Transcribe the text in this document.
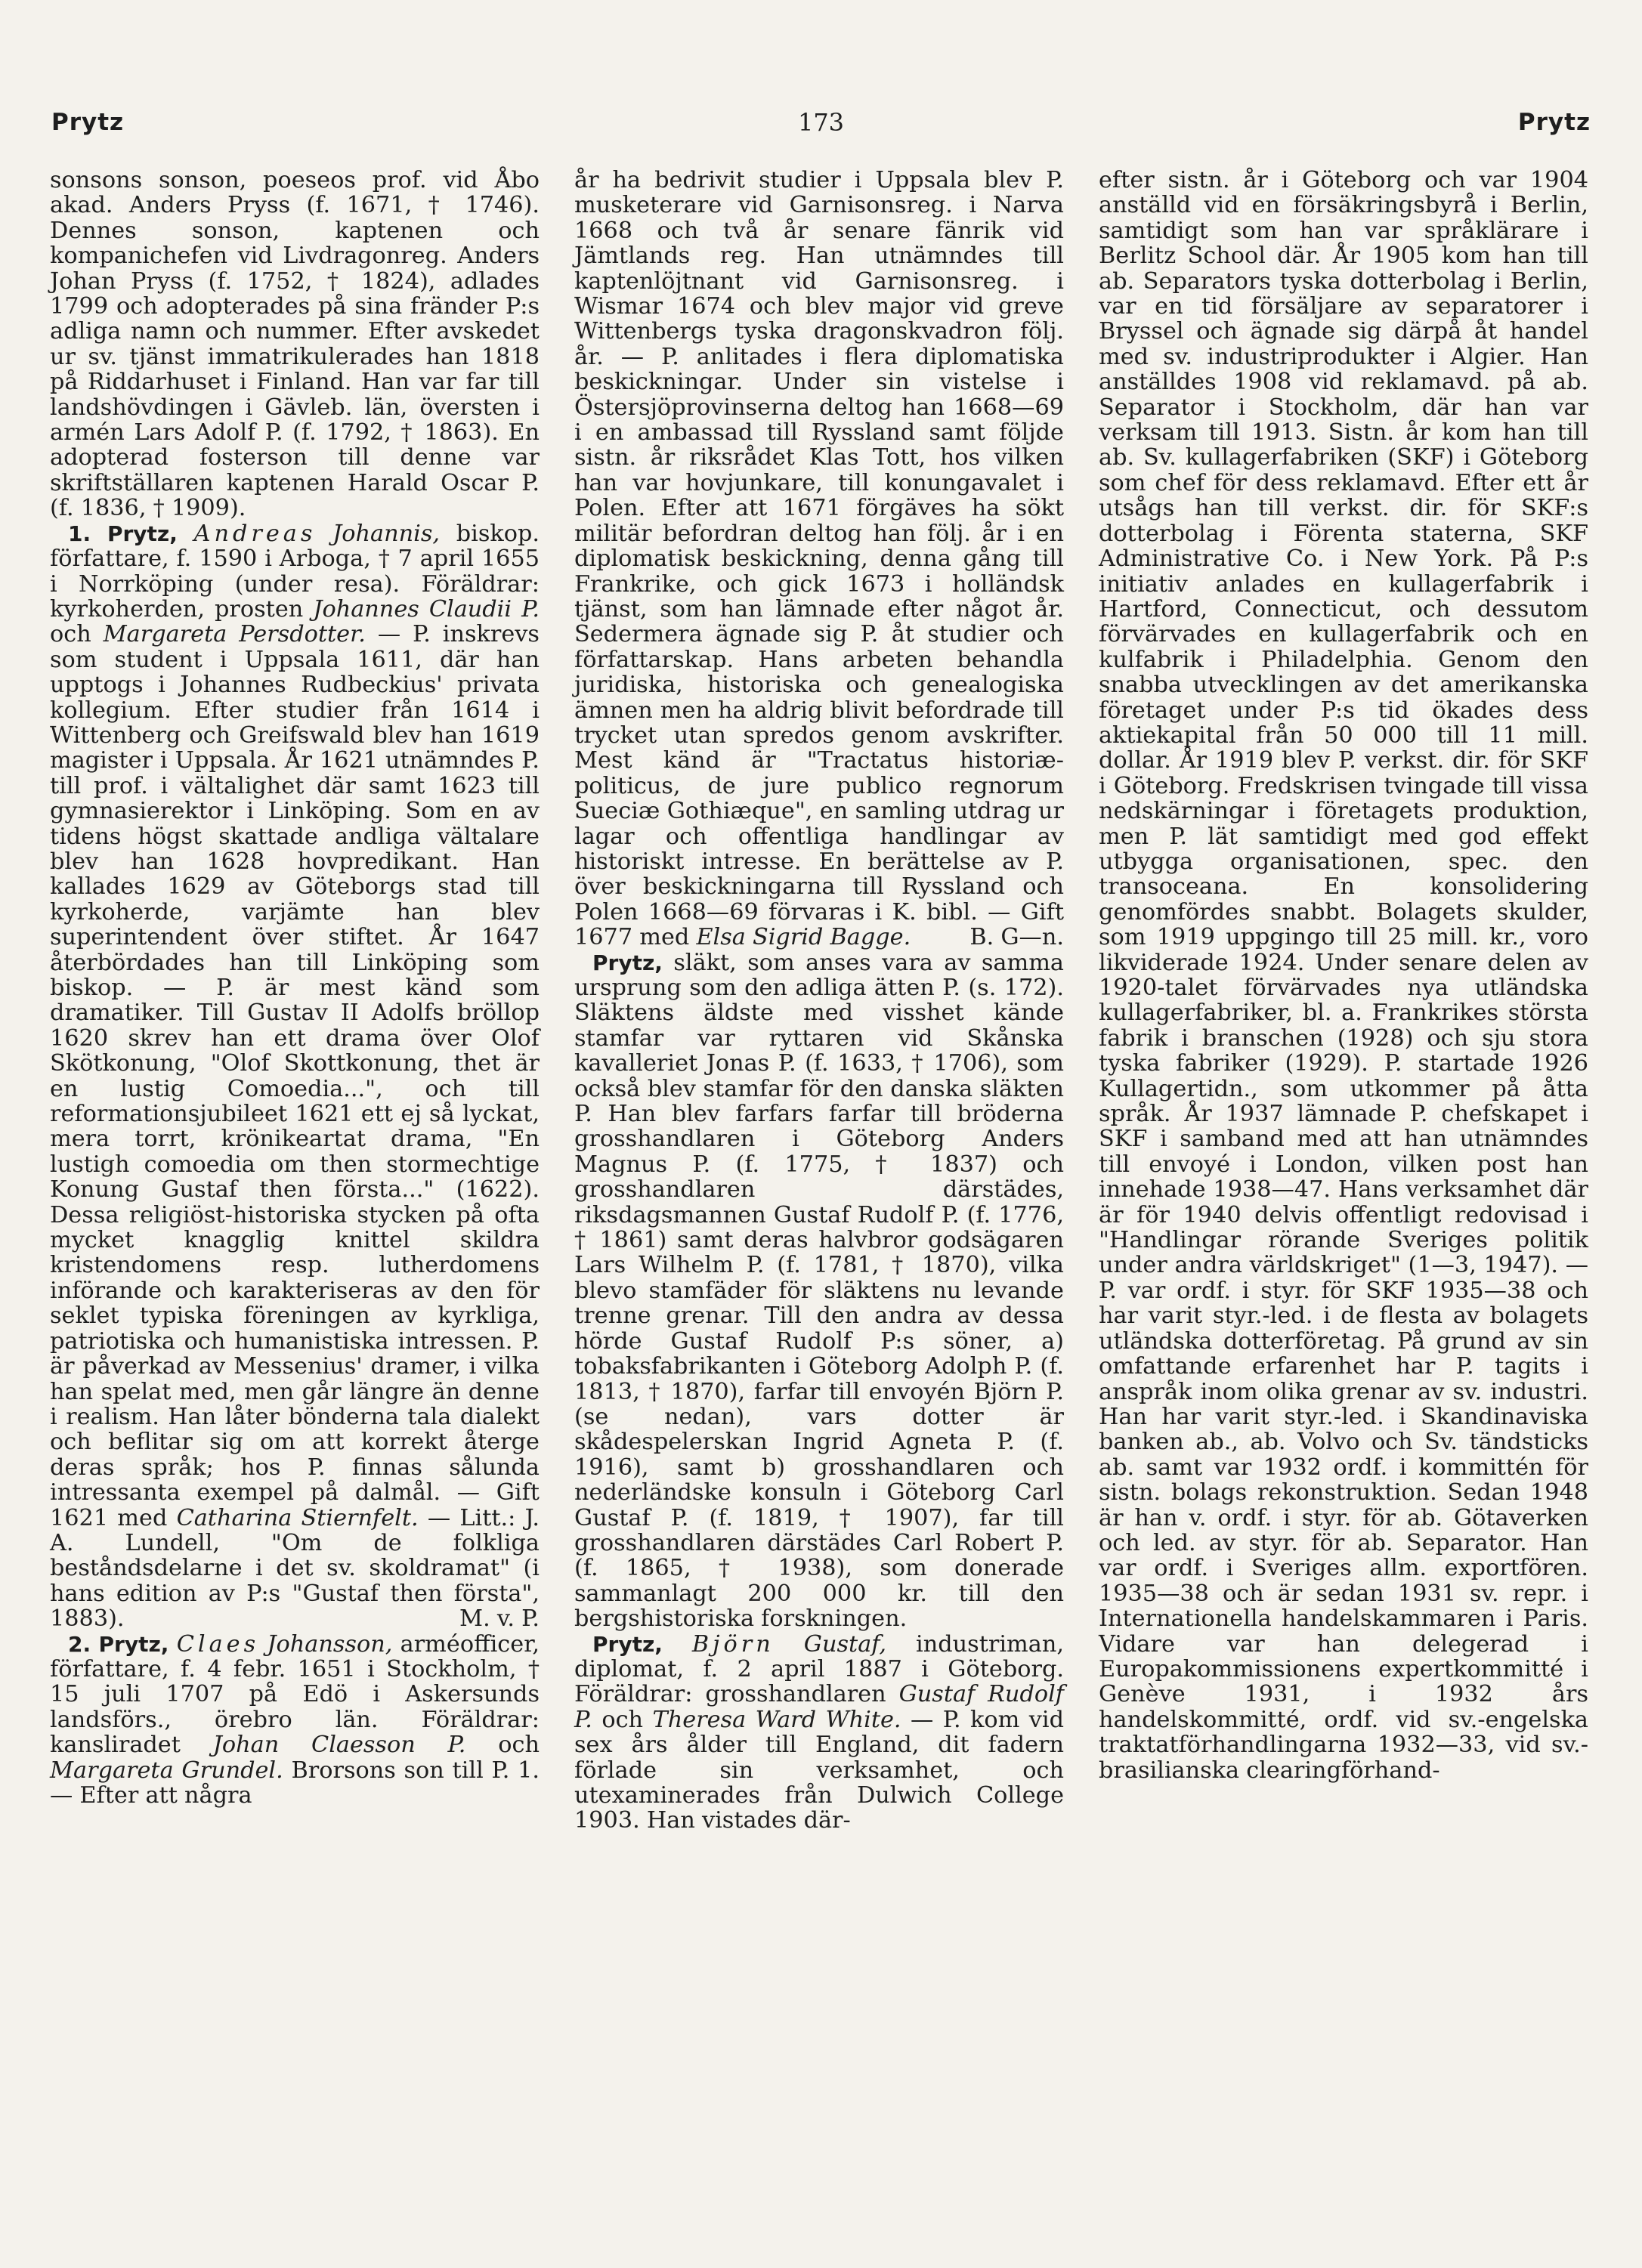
Prytz	173	Prytz

sonsons sonson, poeseos prof. vid Åbo akad. Anders Pryss (f. 1671, † 1746). Dennes sonson, kaptenen och kompanichefen vid Livdragonreg. Anders Johan Pryss (f. 1752, † 1824), adlades 1799 och adopterades på sina fränder P:s adliga namn och nummer. Efter avskedet ur sv. tjänst immatrikulerades han 1818 på Riddarhuset i Finland. Han var far till landshövdingen i Gävleb. län, översten i armén Lars Adolf P. (f. 1792, † 1863). En adopterad fosterson till denne var skriftställaren kaptenen Harald Oscar P. (f. 1836, † 1909).

1. Prytz, Andreas Johannis, biskop. författare, f. 1590 i Arboga, † 7 april 1655 i Norrköping (under resa). Föräldrar: kyrkoherden, prosten Johannes Claudii P. och Margareta Persdotter. — P. inskrevs som student i Uppsala 1611, där han upptogs i Johannes Rudbeckius' privata kollegium. Efter studier från 1614 i Wittenberg och Greifswald blev han 1619 magister i Uppsala. År 1621 utnämndes P. till prof. i vältalighet där samt 1623 till gymnasierektor i Linköping. Som en av tidens högst skattade andliga vältalare blev han 1628 hovpredikant. Han kallades 1629 av Göteborgs stad till kyrkoherde, varjämte han blev superintendent över stiftet. År 1647 återbördades han till Linköping som biskop. — P. är mest känd som dramatiker. Till Gustav II Adolfs bröllop 1620 skrev han ett drama över Olof Skötkonung, "Olof Skottkonung, thet är en lustig Comoedia...", och till reformationsjubileet 1621 ett ej så lyckat, mera torrt, krönikeartat drama, "En lustigh comoedia om then stormechtige Konung Gustaf then första..." (1622). Dessa religiöst-historiska stycken på ofta mycket knagglig knittel skildra kristendomens resp. lutherdomens införande och karakteriseras av den för seklet typiska föreningen av kyrkliga, patriotiska och humanistiska intressen. P. är påverkad av Messenius' dramer, i vilka han spelat med, men går längre än denne i realism. Han låter bönderna tala dialekt och beflitar sig om att korrekt återge deras språk; hos P. finnas sålunda intressanta exempel på dalmål. — Gift 1621 med Catharina Stiernfelt. — Litt.: J. A. Lundell, "Om de folkliga beståndsdelarne i det sv. skoldramat" (i hans edition av P:s "Gustaf then första", 1883).	M. v. P.

2. Prytz, Claes Johansson, arméofficer, författare, f. 4 febr. 1651 i Stockholm, † 15 juli 1707 på Edö i Askersunds landsförs., örebro län. Föräldrar: kansliradet Johan Claesson P. och Margareta Grundel. Brorsons son till P. 1. — Efter att några

år ha bedrivit studier i Uppsala blev P. musketerare vid Garnisonsreg. i Narva 1668 och två år senare fänrik vid Jämtlands reg. Han utnämndes till kaptenlöjtnant vid Garnisonsreg. i Wismar 1674 och blev major vid greve Wittenbergs tyska dragonskvadron följ. år. — P. anlitades i flera diplomatiska beskickningar. Under sin vistelse i Östersjöprovinserna deltog han 1668—69 i en ambassad till Ryssland samt följde sistn. år riksrådet Klas Tott, hos vilken han var hovjunkare, till konungavalet i Polen. Efter att 1671 förgäves ha sökt militär befordran deltog han följ. år i en diplomatisk beskickning, denna gång till Frankrike, och gick 1673 i holländsk tjänst, som han lämnade efter något år. Sedermera ägnade sig P. åt studier och författarskap. Hans arbeten behandla juridiska, historiska och genealogiska ämnen men ha aldrig blivit befordrade till trycket utan spredos genom avskrifter. Mest känd är "Tractatus historiæ-politicus, de jure publico regnorum Sueciæ Gothiæque", en samling utdrag ur lagar och offentliga handlingar av historiskt intresse. En berättelse av P. över beskickningarna till Ryssland och Polen 1668—69 förvaras i K. bibl. — Gift 1677 med Elsa Sigrid Bagge.	B. G—n.

Prytz, släkt, som anses vara av samma ursprung som den adliga ätten P. (s. 172). Släktens äldste med visshet kände stamfar var ryttaren vid Skånska kavalleriet Jonas P. (f. 1633, † 1706), som också blev stamfar för den danska släkten P. Han blev farfars farfar till bröderna grosshandlaren i Göteborg Anders Magnus P. (f. 1775, † 1837) och grosshandlaren därstädes, riksdagsmannen Gustaf Rudolf P. (f. 1776, † 1861) samt deras halvbror godsägaren Lars Wilhelm P. (f. 1781, † 1870), vilka blevo stamfäder för släktens nu levande trenne grenar. Till den andra av dessa hörde Gustaf Rudolf P:s söner, a) tobaksfabrikanten i Göteborg Adolph P. (f. 1813, † 1870), farfar till envoyén Björn P. (se nedan), vars dotter är skådespelerskan Ingrid Agneta P. (f. 1916), samt b) grosshandlaren och nederländske konsuln i Göteborg Carl Gustaf P. (f. 1819, † 1907), far till grosshandlaren därstädes Carl Robert P. (f. 1865, † 1938), som donerade sammanlagt 200 000 kr. till den bergshistoriska forskningen.

Prytz, Björn Gustaf, industriman, diplomat, f. 2 april 1887 i Göteborg. Föräldrar: grosshandlaren Gustaf Rudolf P. och Theresa Ward White. — P. kom vid sex års ålder till England, dit fadern förlade sin verksamhet, och utexaminerades från Dulwich College 1903. Han vistades där-

efter sistn. år i Göteborg och var 1904 anställd vid en försäkringsbyrå i Berlin, samtidigt som han var språklärare i Berlitz School där. År 1905 kom han till ab. Separators tyska dotterbolag i Berlin, var en tid försäljare av separatorer i Bryssel och ägnade sig därpå åt handel med sv. industriprodukter i Algier. Han anställdes 1908 vid reklamavd. på ab. Separator i Stockholm, där han var verksam till 1913. Sistn. år kom han till ab. Sv. kullagerfabriken (SKF) i Göteborg som chef för dess reklamavd. Efter ett år utsågs han till verkst. dir. för SKF:s dotterbolag i Förenta staterna, SKF Administrative Co. i New York. På P:s initiativ anlades en kullagerfabrik i Hartford, Connecticut, och dessutom förvärvades en kullagerfabrik och en kulfabrik i Philadelphia. Genom den snabba utvecklingen av det amerikanska företaget under P:s tid ökades dess aktiekapital från 50 000 till 11 mill. dollar. År 1919 blev P. verkst. dir. för SKF i Göteborg. Fredskrisen tvingade till vissa nedskärningar i företagets produktion, men P. lät samtidigt med god effekt utbygga organisationen, spec. den transoceana. En konsolidering genomfördes snabbt. Bolagets skulder, som 1919 uppgingo till 25 mill. kr., voro likviderade 1924. Under senare delen av 1920-talet förvärvades nya utländska kullagerfabriker, bl. a. Frankrikes största fabrik i branschen (1928) och sju stora tyska fabriker (1929). P. startade 1926 Kullagertidn., som utkommer på åtta språk. År 1937 lämnade P. chefskapet i SKF i samband med att han utnämndes till envoyé i London, vilken post han innehade 1938—47. Hans verksamhet där är för 1940 delvis offentligt redovisad i "Handlingar rörande Sveriges politik under andra världskriget" (1—3, 1947). — P. var ordf. i styr. för SKF 1935—38 och har varit styr.-led. i de flesta av bolagets utländska dotterföretag. På grund av sin omfattande erfarenhet har P. tagits i anspråk inom olika grenar av sv. industri. Han har varit styr.-led. i Skandinaviska banken ab., ab. Volvo och Sv. tändsticks ab. samt var 1932 ordf. i kommittén för sistn. bolags rekonstruktion. Sedan 1948 är han v. ordf. i styr. för ab. Götaverken och led. av styr. för ab. Separator. Han var ordf. i Sveriges allm. exportfören. 1935—38 och är sedan 1931 sv. repr. i Internationella handelskammaren i Paris. Vidare var han delegerad i Europakommissionens expertkommitté i Genève 1931, i 1932 års handelskommitté, ordf. vid sv.-engelska traktatförhandlingarna 1932—33, vid sv.-brasilianska clearingförhand-
